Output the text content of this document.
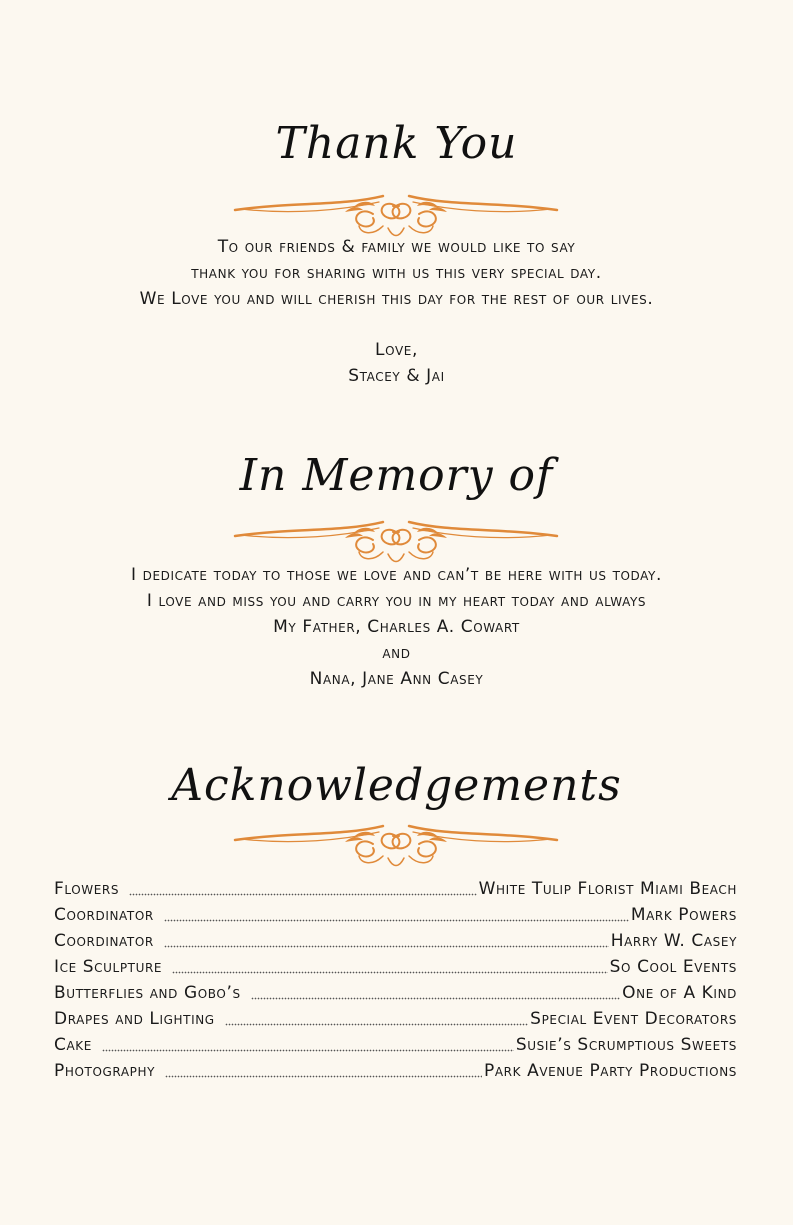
Thank You
To our friends & family we would like to say
thank you for sharing with us this very special day.
We Love you and will cherish this day for the rest of our lives.
Love,
Stacey & Jai
In Memory of
I dedicate today to those we love and can’t be here with us today.
I love and miss you and carry you in my heart today and always
My Father, Charles A. Cowart
and
Nana, Jane Ann Casey
Acknowledgements
Flowers	White Tulip Florist Miami Beach
Coordinator	Mark Powers
Coordinator	Harry W. Casey
Ice Sculpture	So Cool Events
Butterflies and Gobo’s	One of A Kind
Drapes and Lighting	Special Event Decorators
Cake	Susie’s Scrumptious Sweets
Photography	Park Avenue Party Productions
